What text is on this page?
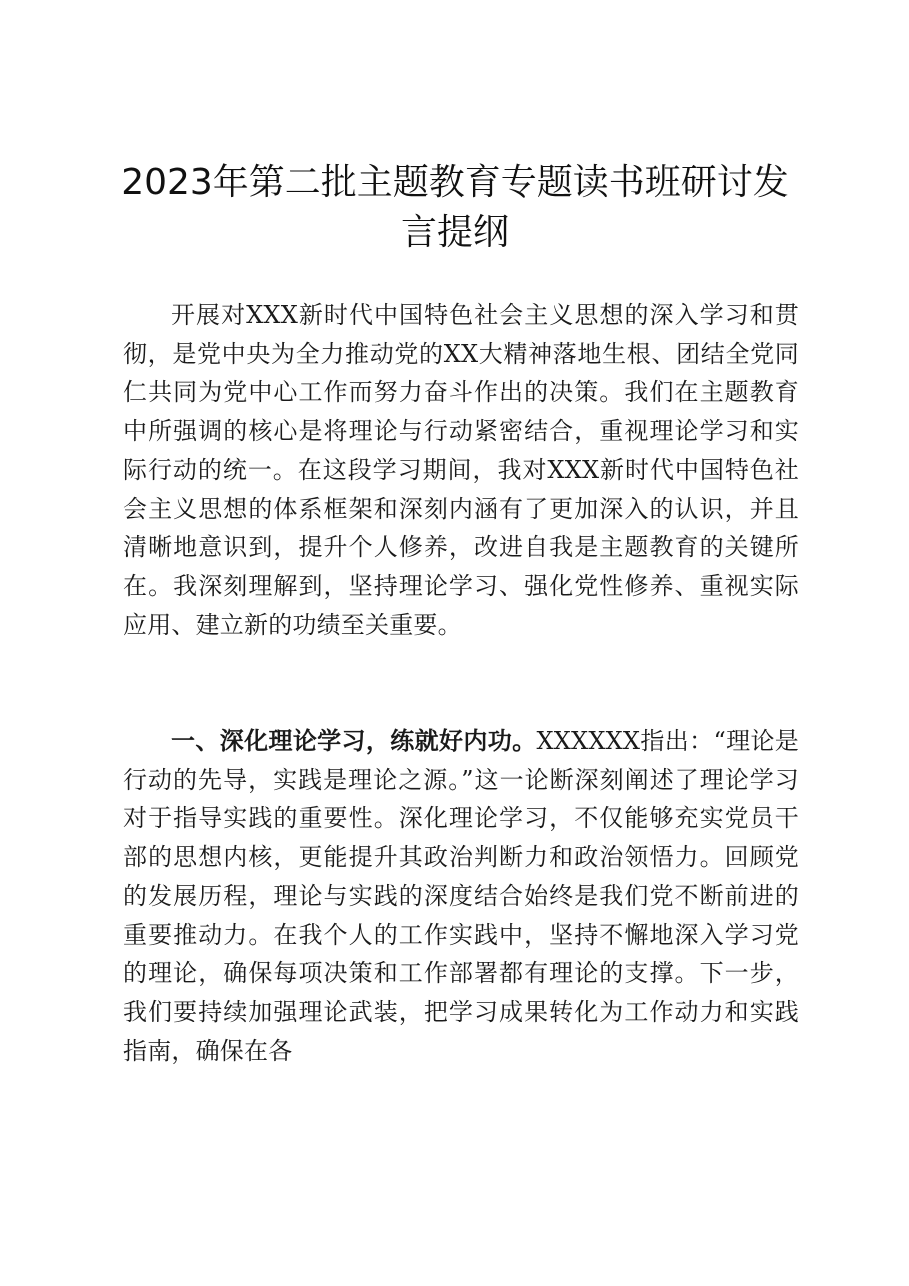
2023年第二批主题教育专题读书班研讨发言提纲

开展对XXX新时代中国特色社会主义思想的深入学习和贯彻，是党中央为全力推动党的XX大精神落地生根、团结全党同仁共同为党中心工作而努力奋斗作出的决策。我们在主题教育中所强调的核心是将理论与行动紧密结合，重视理论学习和实际行动的统一。在这段学习期间，我对XXX新时代中国特色社会主义思想的体系框架和深刻内涵有了更加深入的认识，并且清晰地意识到，提升个人修养，改进自我是主题教育的关键所在。我深刻理解到，坚持理论学习、强化党性修养、重视实际应用、建立新的功绩至关重要。

一、深化理论学习，练就好内功。XXXXXX指出：“理论是行动的先导，实践是理论之源。”这一论断深刻阐述了理论学习对于指导实践的重要性。深化理论学习，不仅能够充实党员干部的思想内核，更能提升其政治判断力和政治领悟力。回顾党的发展历程，理论与实践的深度结合始终是我们党不断前进的重要推动力。在我个人的工作实践中，坚持不懈地深入学习党的理论，确保每项决策和工作部署都有理论的支撑。下一步，我们要持续加强理论武装，把学习成果转化为工作动力和实践指南，确保在各
